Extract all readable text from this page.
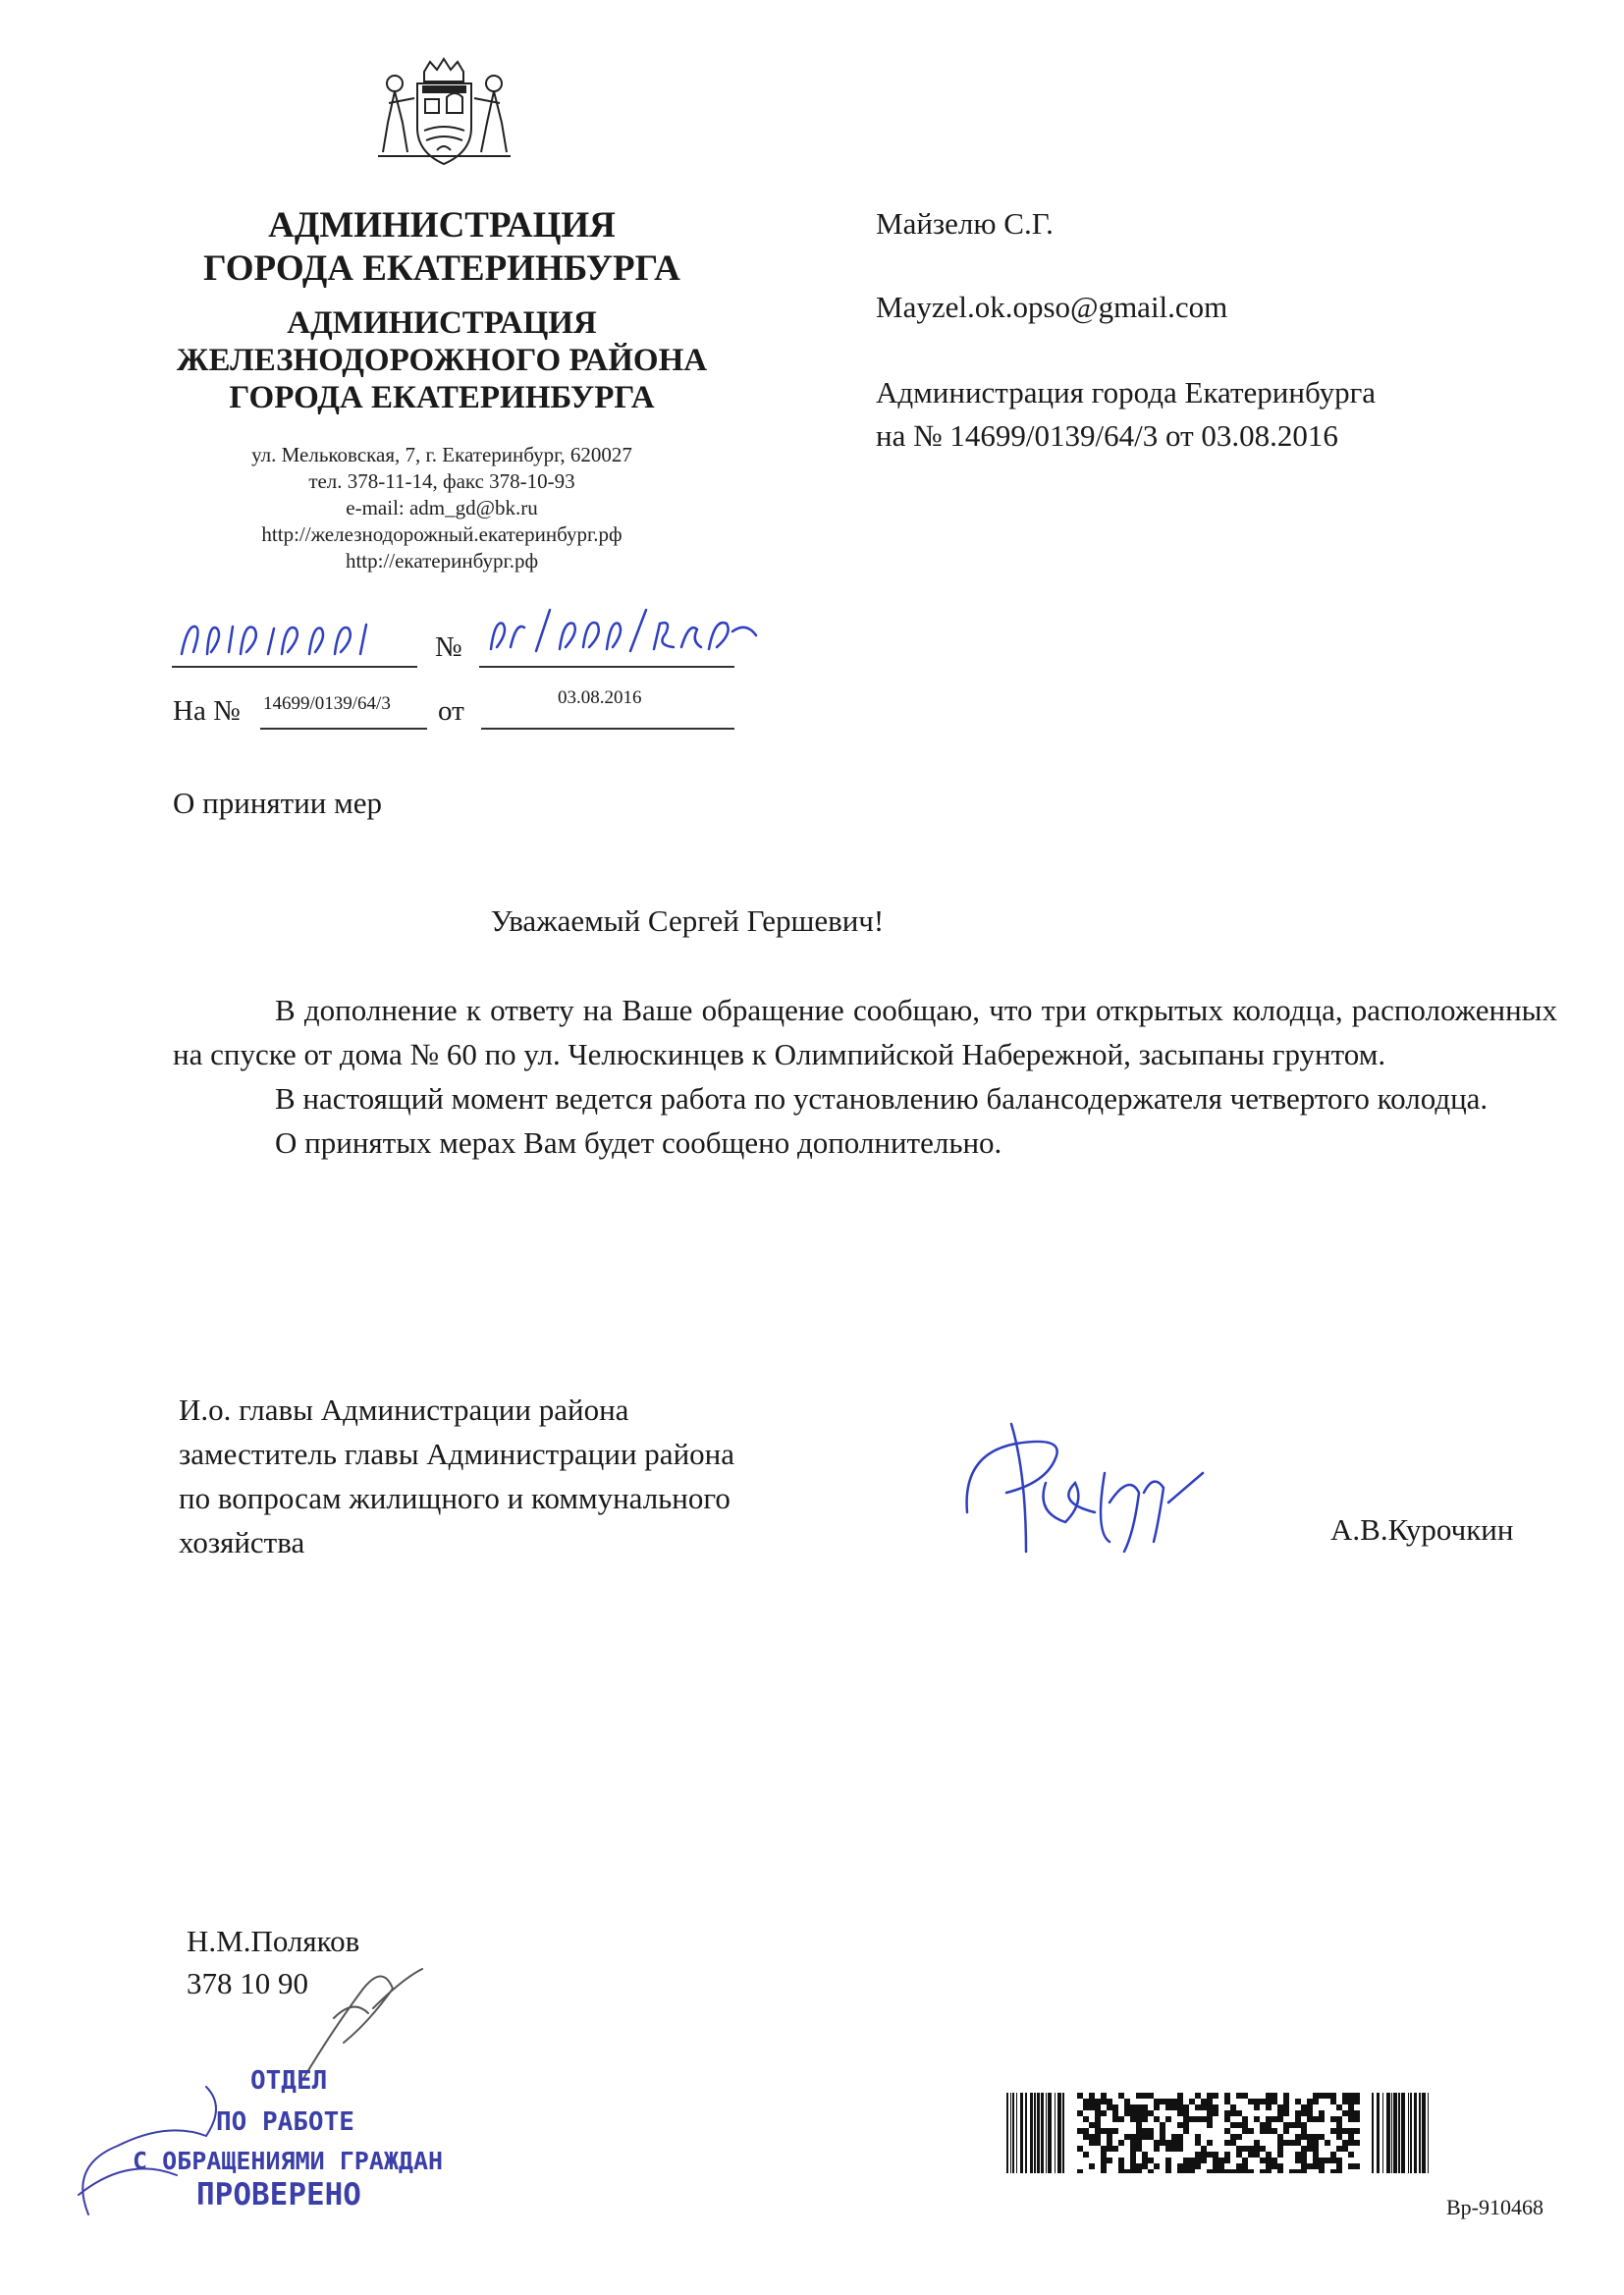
АДМИНИСТРАЦИЯ
ГОРОДА ЕКАТЕРИНБУРГА
АДМИНИСТРАЦИЯ
ЖЕЛЕЗНОДОРОЖНОГО РАЙОНА
ГОРОДА ЕКАТЕРИНБУРГА
ул. Мельковская, 7, г. Екатеринбург, 620027
тел. 378-11-14, факс 378-10-93
e-mail: adm_gd@bk.ru
http://железнодорожный.екатеринбург.рф
http://екатеринбург.рф
№
На № 14699/0139/64/3 от	03.08.2016
Майзелю С.Г.
Mayzel.ok.opso@gmail.com
Администрация города Екатеринбурга
на № 14699/0139/64/3 от 03.08.2016
О принятии мер
Уважаемый Сергей Гершевич!

В дополнение к ответу на Ваше обращение сообщаю, что три открытых колодца, расположенных на спуске от дома № 60 по ул. Челюскинцев к Олимпийской Набережной, засыпаны грунтом.

В настоящий момент ведется работа по установлению балансодержателя четвертого колодца.

О принятых мерах Вам будет сообщено дополнительно.

И.о. главы Администрации района
заместитель главы Администрации района
по вопросам жилищного и коммунального
хозяйства	А.В.Курочкин
Н.М.Поляков
378 10 90
ОТДЕЛ
ПО РАБОТЕ
С ОБРАЩЕНИЯМИ ГРАЖДАН
ПРОВЕРЕНО	Вр-910468
